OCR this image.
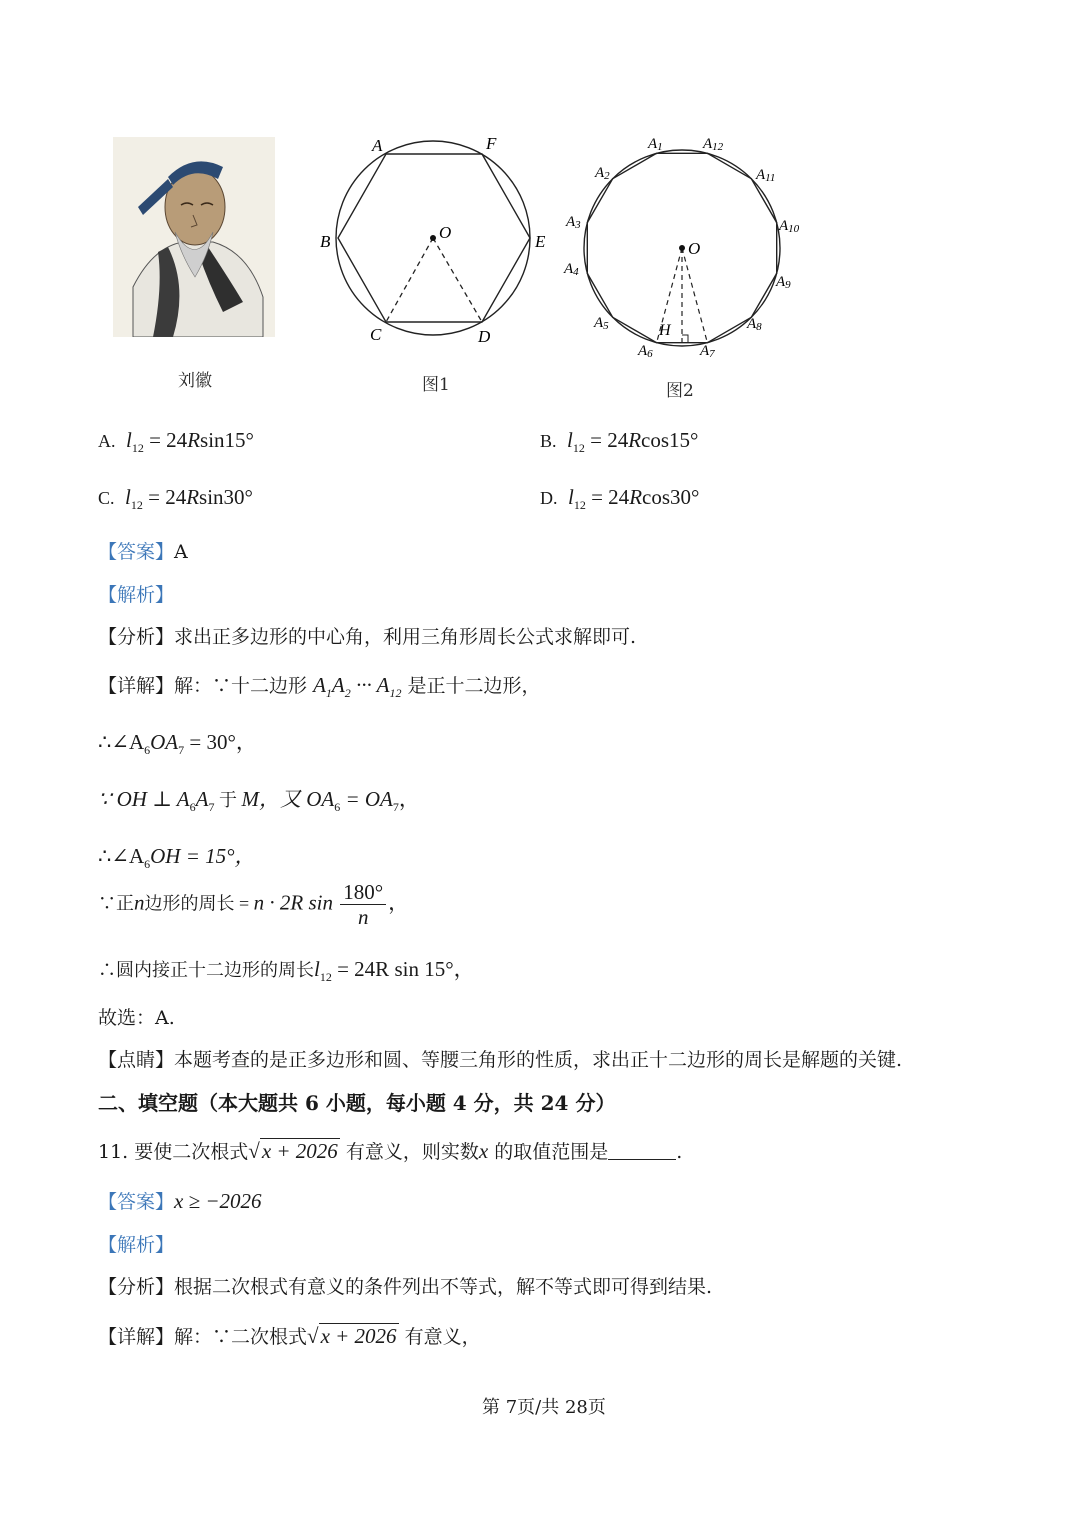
刘徽
A	F
B	E
C	D
O
图1
O
H
A1	A12
A2	A11
A3	A10
A4
A9
A5	A8
A6	A7
图2
A. $l_{12} = 24Rsin15^\circ$	B. $l_{12} = 24Rcos15^\circ$
C. $l_{12} = 24Rsin30^\circ$	D. $l_{12} = 24Rcos30^\circ$
【答案】A
【解析】
【分析】求出正多边形的中心角，利用三角形周长公式求解即可.
【详解】解：∵十二边形 $A_1A_2$ ··· $A_{12}$ 是正十二边形，
$\therefore\angle A_6OA_7 = 30^\circ$，
∵ OH ⊥ $A_6A_7$ 于 M，又 $OA_6 = OA_7$，
$\therefore\angle A_6OH = 15^\circ$，
∵正n边形的周长 = n · 2R $\sin \frac{180^\circ}{n}$ ，
∴圆内接正十二边形的周长$l_{12} = 24R$ sin 15°，
故选：A.
【点睛】本题考查的是正多边形和圆、等腰三角形的性质，求出正十二边形的周长是解题的关键.
二、填空题（本大题共 6 小题，每小题 4 分，共 24 分）
11. 要使二次根式√x + 2026 有意义，则实数x 的取值范围是	.
【答案】x ≥ −2026
【解析】
【分析】根据二次根式有意义的条件列出不等式，解不等式即可得到结果.
【详解】解：∵二次根式√x + 2026 有意义，
第 7页/共 28页
